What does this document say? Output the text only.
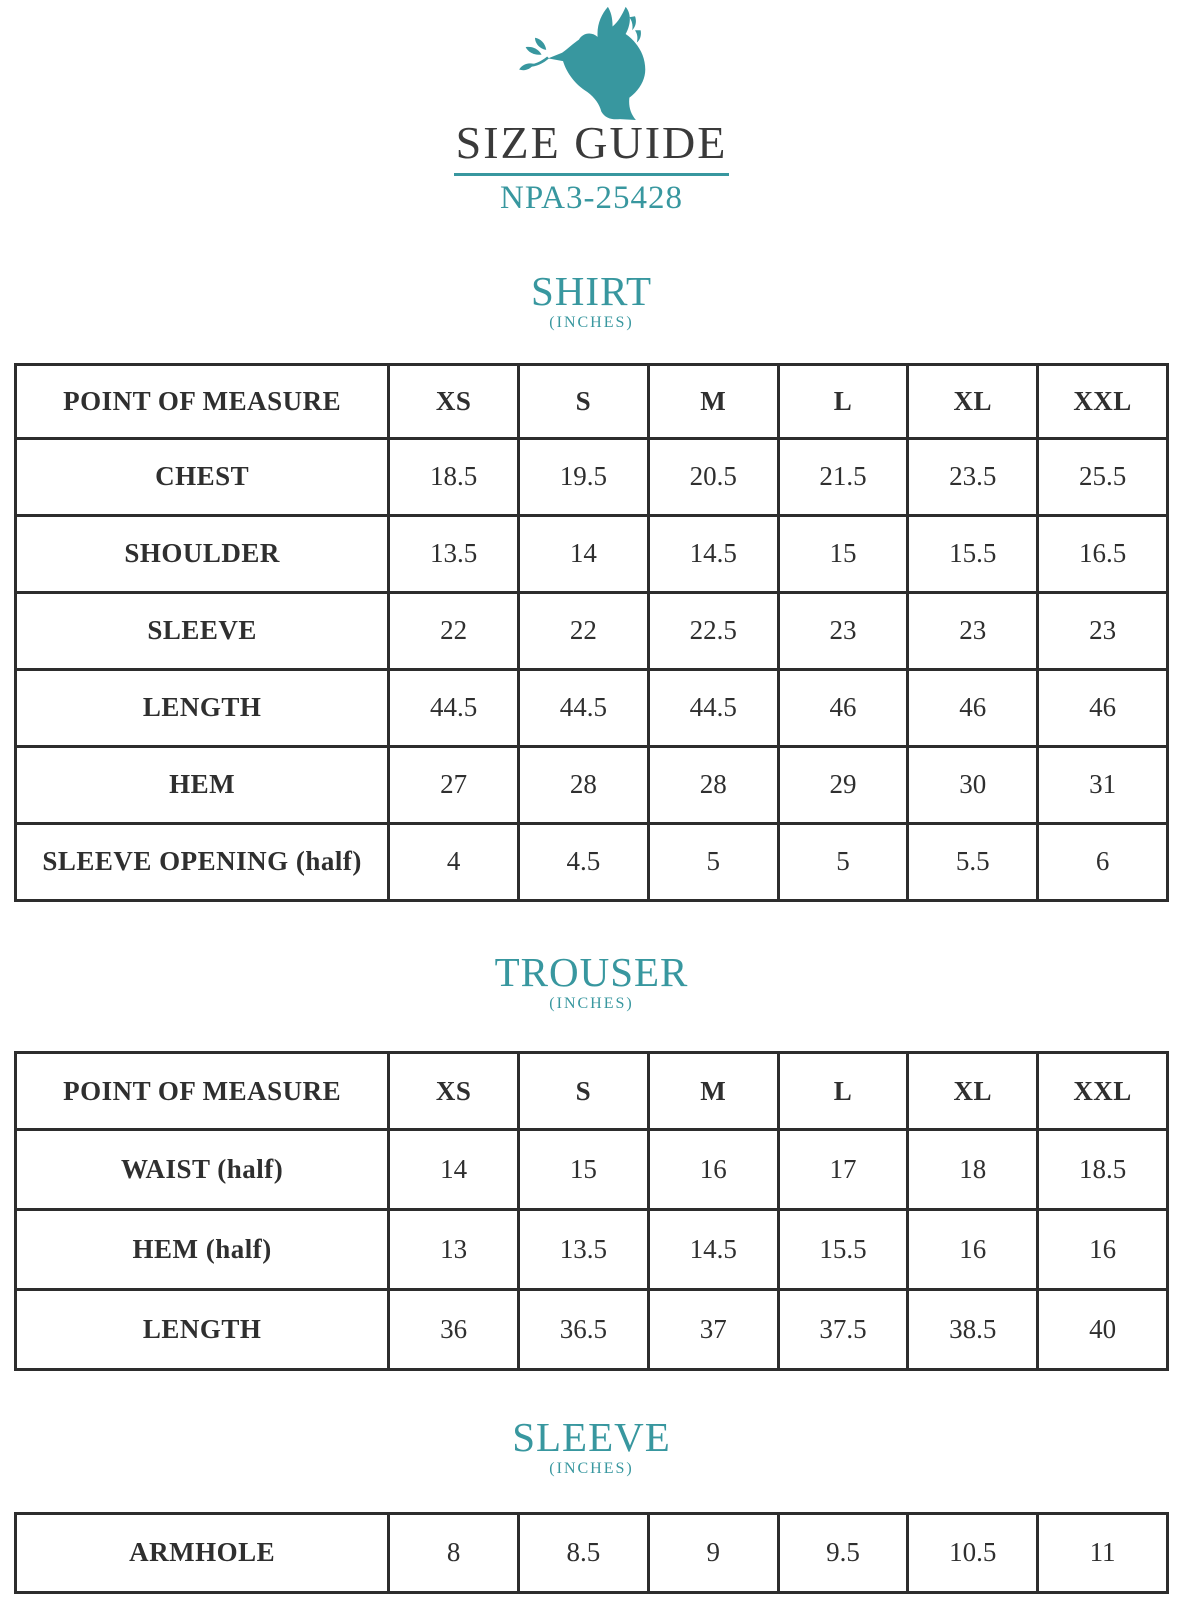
SIZE GUIDE
NPA3-25428
SHIRT
(INCHES)
POINT OF MEASURE	XS	S	M	L	XL	XXL
CHEST	18.5	19.5	20.5	21.5	23.5	25.5
SHOULDER	13.5	14	14.5	15	15.5	16.5
SLEEVE	22	22	22.5	23	23	23
LENGTH	44.5	44.5	44.5	46	46	46
HEM	27	28	28	29	30	31
SLEEVE OPENING (half)	4	4.5	5	5	5.5	6
TROUSER
(INCHES)
POINT OF MEASURE	XS	S	M	L	XL	XXL
WAIST (half)	14	15	16	17	18	18.5
HEM (half)	13	13.5	14.5	15.5	16	16
LENGTH	36	36.5	37	37.5	38.5	40
SLEEVE
(INCHES)
ARMHOLE	8	8.5	9	9.5	10.5	11
